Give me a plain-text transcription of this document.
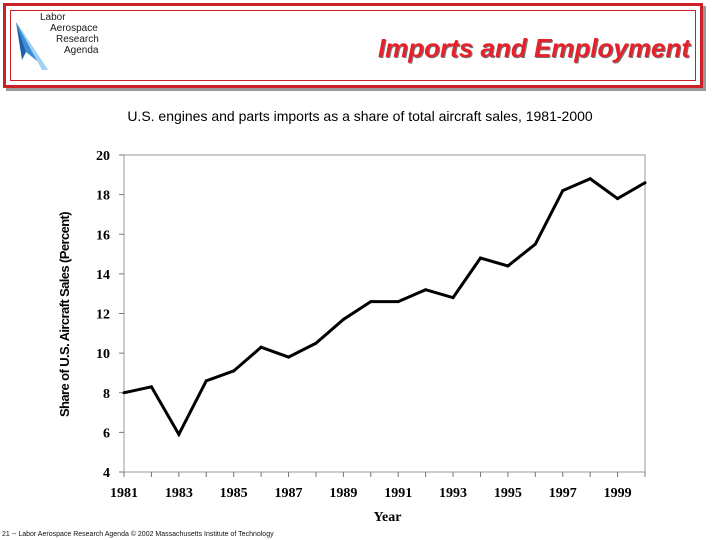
Labor
Aerospace
Research
Agenda	Imports and Employment
U.S. engines and parts imports as a share of total aircraft sales, 1981-2000
4
6
8
10
12
14
16
18
20
1981 1983 1985 1987 1989 1991 1993 1995 1997 1999
Year
Share of U.S. Aircraft Sales (Percent)
21 -- Labor Aerospace Research Agenda © 2002 Massachusetts Institute of Technology
